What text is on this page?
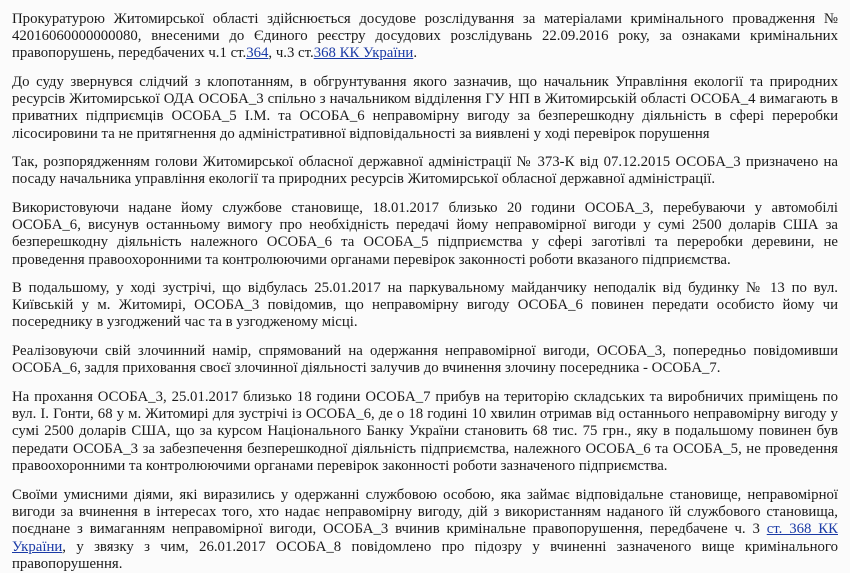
Прокуратурою Житомирської області здійснюється досудове розслідування за матеріалами кримінального провадження № 42016060000000080, внесеними до Єдиного реєстру досудових розслідувань 22.09.2016 року, за ознаками кримінальних правопорушень, передбачених ч.1 ст.364, ч.3 ст.368 КК України.

До суду звернувся слідчий з клопотанням, в обгрунтування якого зазначив, що начальник Управління екології та природних ресурсів Житомирської ОДА ОСОБА_3 спільно з начальником відділення ГУ НП в Житомирській області ОСОБА_4 вимагають в приватних підприємців ОСОБА_5 І.М. та ОСОБА_6 неправомірну вигоду за безперешкодну діяльність в сфері переробки лісосировини та не притягнення до адміністративної відповідальності за виявлені у ході перевірок порушення

Так, розпорядженням голови Житомирської обласної державної адміністрації № 373-К від 07.12.2015 ОСОБА_3 призначено на посаду начальника управління екології та природних ресурсів Житомирської обласної державної адміністрації.

Використовуючи надане йому службове становище, 18.01.2017 близько 20 години ОСОБА_3, перебуваючи у автомобілі ОСОБА_6, висунув останньому вимогу про необхідність передачі йому неправомірної вигоди у сумі 2500 доларів США за безперешкодну діяльність належного ОСОБА_6 та ОСОБА_5 підприємства у сфері заготівлі та переробки деревини, не проведення правоохоронними та контролюючими органами перевірок законності роботи вказаного підприємства.

В подальшому, у ході зустрічі, що відбулась 25.01.2017 на паркувальному майданчику неподалік від будинку № 13 по вул. Київській у м. Житомирі, ОСОБА_3 повідомив, що неправомірну вигоду ОСОБА_6 повинен передати особисто йому чи посереднику в узгоджений час та в узгодженому місці.

Реалізовуючи свій злочинний намір, спрямований на одержання неправомірної вигоди, ОСОБА_3, попередньо повідомивши ОСОБА_6, задля приховання своєї злочинної діяльності залучив до вчинення злочину посередника - ОСОБА_7.

На прохання ОСОБА_3, 25.01.2017 близько 18 години ОСОБА_7 прибув на територію складських та виробничих приміщень по вул. І. Гонти, 68 у м. Житомирі для зустрічі із ОСОБА_6, де о 18 годині 10 хвилин отримав від останнього неправомірну вигоду у сумі 2500 доларів США, що за курсом Національного Банку України становить 68 тис. 75 грн., яку в подальшому повинен був передати ОСОБА_3 за забезпечення безперешкодної діяльність підприємства, належного ОСОБА_6 та ОСОБА_5, не проведення правоохоронними та контролюючими органами перевірок законності роботи зазначеного підприємства.

Своїми умисними діями, які виразились у одержанні службовою особою, яка займає відповідальне становище, неправомірної вигоди за вчинення в інтересах того, хто надає неправомірну вигоду, дій з використанням наданого їй службового становища, поєднане з вимаганням неправомірної вигоди, ОСОБА_3 вчинив кримінальне правопорушення, передбачене ч. 3 ст. 368 КК України, у звязку з чим, 26.01.2017 ОСОБА_8 повідомлено про підозру у вчиненні зазначеного вище кримінального правопорушення.
